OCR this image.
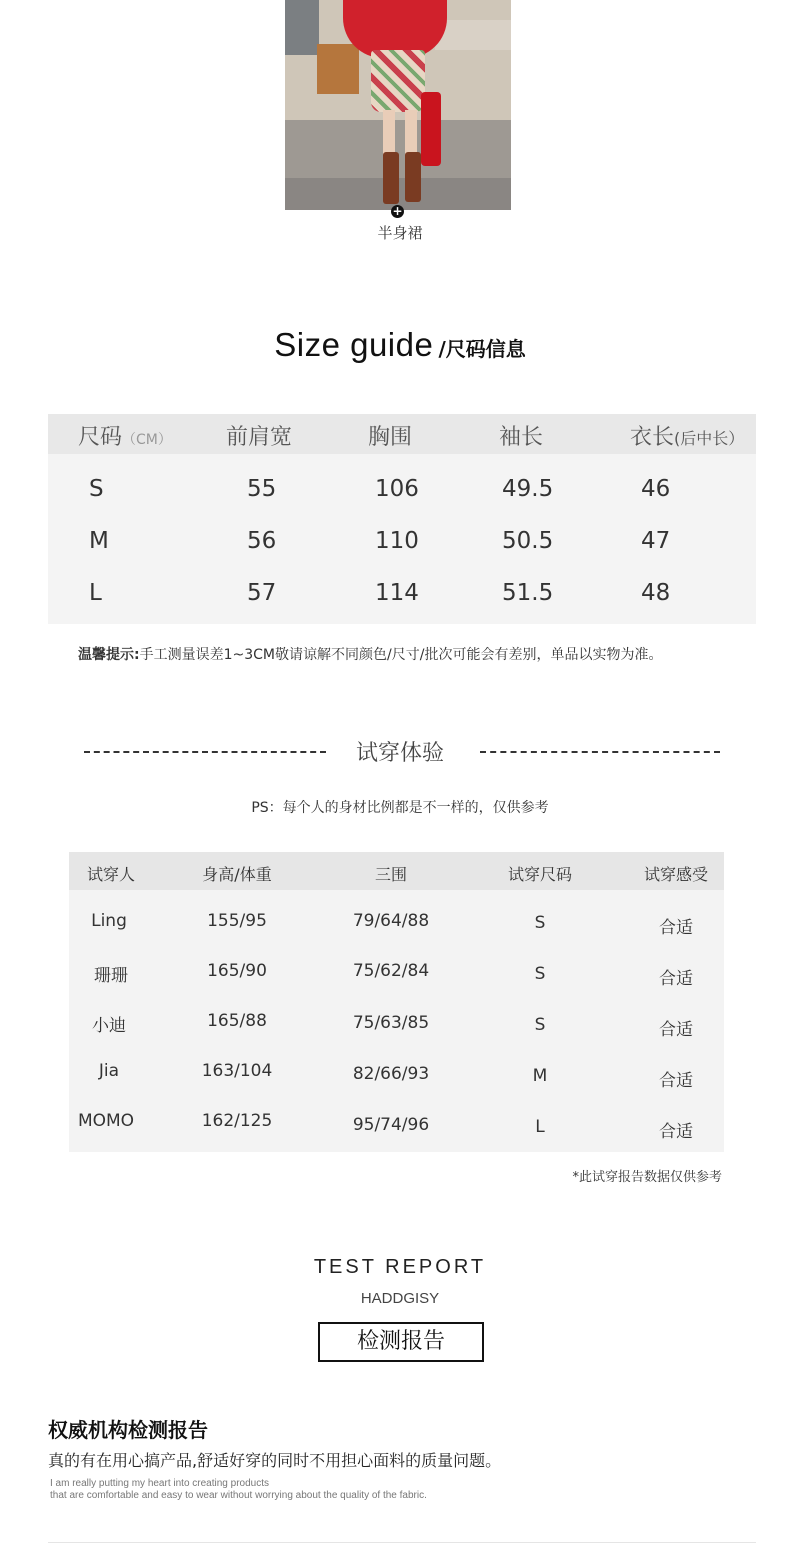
+
半身裙
Size guide /尺码信息
尺码（CM） 前肩宽	胸围	袖长	衣长(后中长）
S	55	106	49.5	46
M	56	110	50.5	47
L	57	114	51.5	48
温馨提示:手工测量误差1~3CM敬请谅解不同颜色/尺寸/批次可能会有差别，单品以实物为准。
试穿体验
PS：每个人的身材比例都是不一样的，仅供参考
试穿人	身高/体重	三围	试穿尺码	试穿感受
Ling	155/95	79/64/88	S	合适
珊珊	165/90	75/62/84	S	合适
小迪	165/88	75/63/85	S	合适
Jia	163/104	82/66/93	M	合适
MOMO	162/125	95/74/96	L	合适
*此试穿报告数据仅供参考
TEST REPORT
HADDGISY
检测报告
权威机构检测报告
真的有在用心搞产品,舒适好穿的同时不用担心面料的质量问题。
I am really putting my heart into creating products
that are comfortable and easy to wear without worrying about the quality of the fabric.
